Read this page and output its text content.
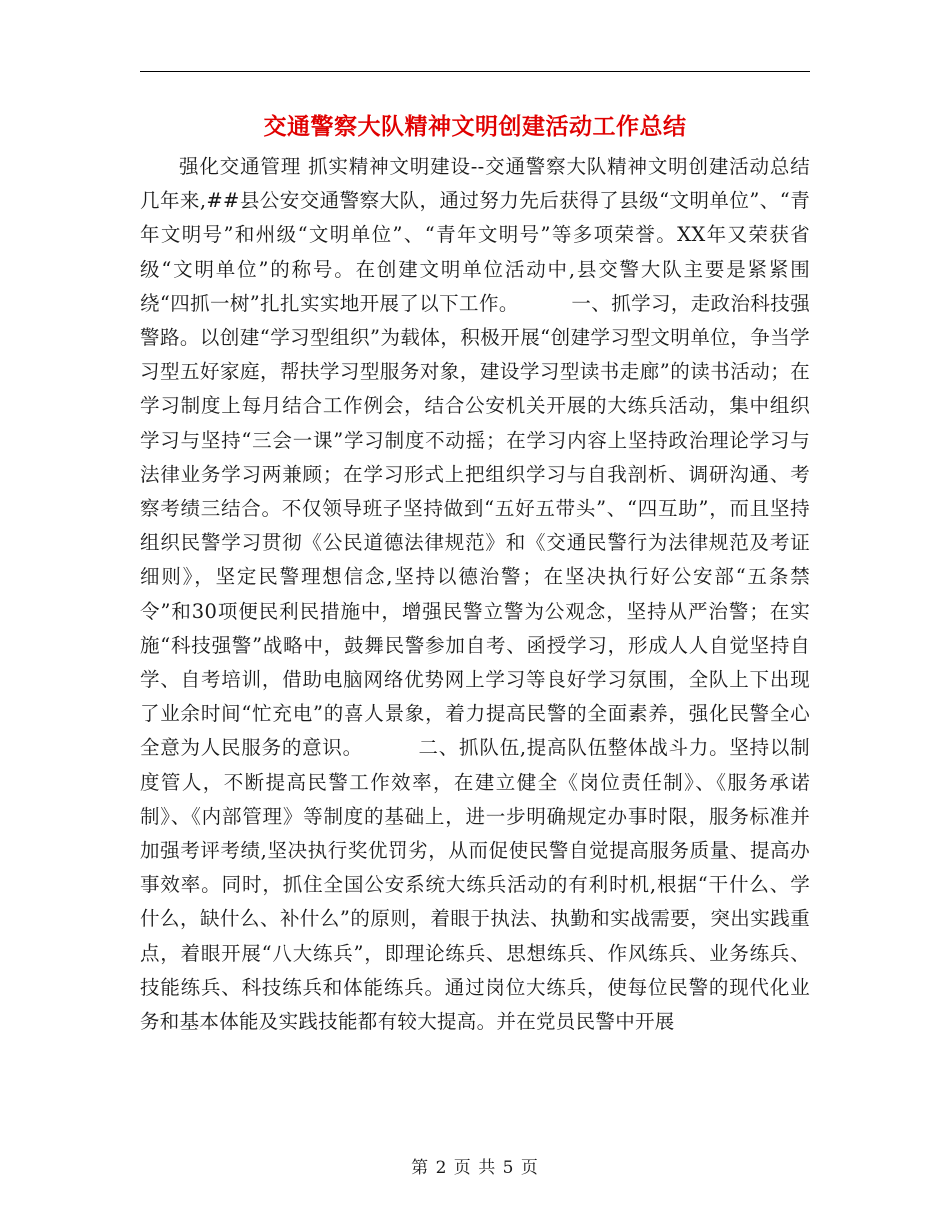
交通警察大队精神文明创建活动工作总结

强化交通管理 抓实精神文明建设--交通警察大队精神文明创建活动总结    几年来,##县公安交通警察大队，通过努力先后获得了县级“文明单位”、“青年文明号”和州级“文明单位”、“青年文明号”等多项荣誉。XX年又荣获省级“文明单位”的称号。在创建文明单位活动中,县交警大队主要是紧紧围绕“四抓一树”扎扎实实地开展了以下工作。        一、抓学习，走政治科技强警路。以创建“学习型组织”为载体，积极开展“创建学习型文明单位，争当学习型五好家庭，帮扶学习型服务对象，建设学习型读书走廊”的读书活动；在学习制度上每月结合工作例会，结合公安机关开展的大练兵活动，集中组织学习与坚持“三会一课”学习制度不动摇；在学习内容上坚持政治理论学习与法律业务学习两兼顾；在学习形式上把组织学习与自我剖析、调研沟通、考察考绩三结合。不仅领导班子坚持做到“五好五带头”、“四互助”，而且坚持组织民警学习贯彻《公民道德法律规范》和《交通民警行为法律规范及考证细则》，坚定民警理想信念,坚持以德治警；在坚决执行好公安部“五条禁令”和30项便民利民措施中，增强民警立警为公观念，坚持从严治警；在实施“科技强警”战略中，鼓舞民警参加自考、函授学习，形成人人自觉坚持自学、自考培训，借助电脑网络优势网上学习等良好学习氛围，全队上下出现了业余时间“忙充电”的喜人景象，着力提高民警的全面素养，强化民警全心全意为人民服务的意识。        二、抓队伍,提高队伍整体战斗力。坚持以制度管人，不断提高民警工作效率，在建立健全《岗位责任制》、《服务承诺制》、《内部管理》等制度的基础上，进一步明确规定办事时限，服务标准并加强考评考绩,坚决执行奖优罚劣，从而促使民警自觉提高服务质量、提高办事效率。同时，抓住全国公安系统大练兵活动的有利时机,根据“干什么、学什么，缺什么、补什么”的原则，着眼于执法、执勤和实战需要，突出实践重点，着眼开展“八大练兵”，即理论练兵、思想练兵、作风练兵、业务练兵、技能练兵、科技练兵和体能练兵。通过岗位大练兵，使每位民警的现代化业务和基本体能及实践技能都有较大提高。并在党员民警中开展

第 2 页 共 5 页
